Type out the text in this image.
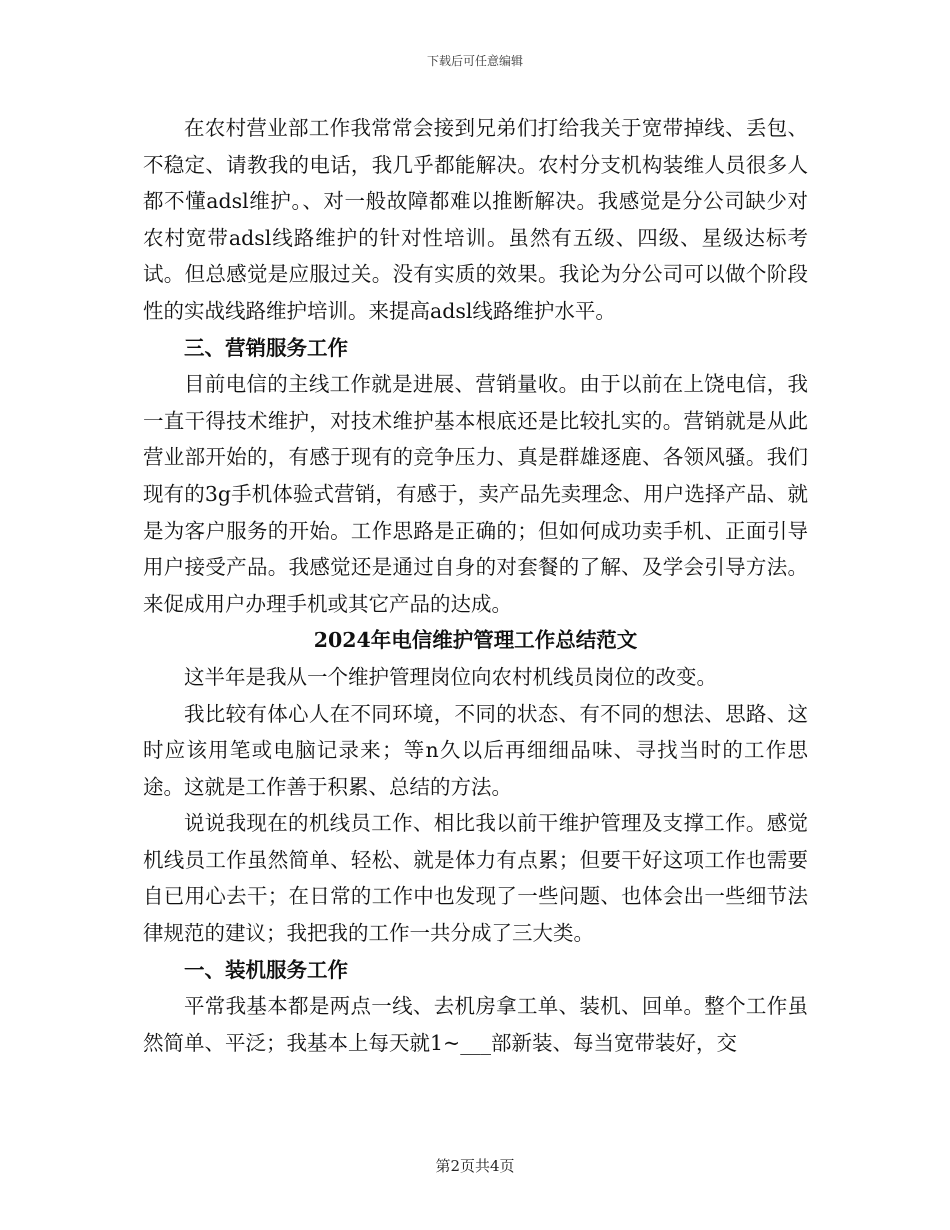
下载后可任意编辑

在农村营业部工作我常常会接到兄弟们打给我关于宽带掉线、丢包、不稳定、请教我的电话，我几乎都能解决。农村分支机构装维人员很多人都不懂adsl维护。、对一般故障都难以推断解决。我感觉是分公司缺少对农村宽带adsl线路维护的针对性培训。虽然有五级、四级、星级达标考试。但总感觉是应服过关。没有实质的效果。我论为分公司可以做个阶段性的实战线路维护培训。来提高adsl线路维护水平。

三、营销服务工作

目前电信的主线工作就是进展、营销量收。由于以前在上饶电信，我一直干得技术维护，对技术维护基本根底还是比较扎实的。营销就是从此营业部开始的，有感于现有的竞争压力、真是群雄逐鹿、各领风骚。我们现有的3g手机体验式营销，有感于，卖产品先卖理念、用户选择产品、就是为客户服务的开始。工作思路是正确的；但如何成功卖手机、正面引导用户接受产品。我感觉还是通过自身的对套餐的了解、及学会引导方法。来促成用户办理手机或其它产品的达成。

2024年电信维护管理工作总结范文

这半年是我从一个维护管理岗位向农村机线员岗位的改变。

我比较有体心人在不同环境，不同的状态、有不同的想法、思路、这时应该用笔或电脑记录来；等n久以后再细细品味、寻找当时的工作思途。这就是工作善于积累、总结的方法。

说说我现在的机线员工作、相比我以前干维护管理及支撑工作。感觉机线员工作虽然简单、轻松、就是体力有点累；但要干好这项工作也需要自已用心去干；在日常的工作中也发现了一些问题、也体会出一些细节法律规范的建议；我把我的工作一共分成了三大类。

一、装机服务工作

平常我基本都是两点一线、去机房拿工单、装机、回单。整个工作虽然简单、平泛；我基本上每天就1~___部新装、每当宽带装好，交

第2页共4页
